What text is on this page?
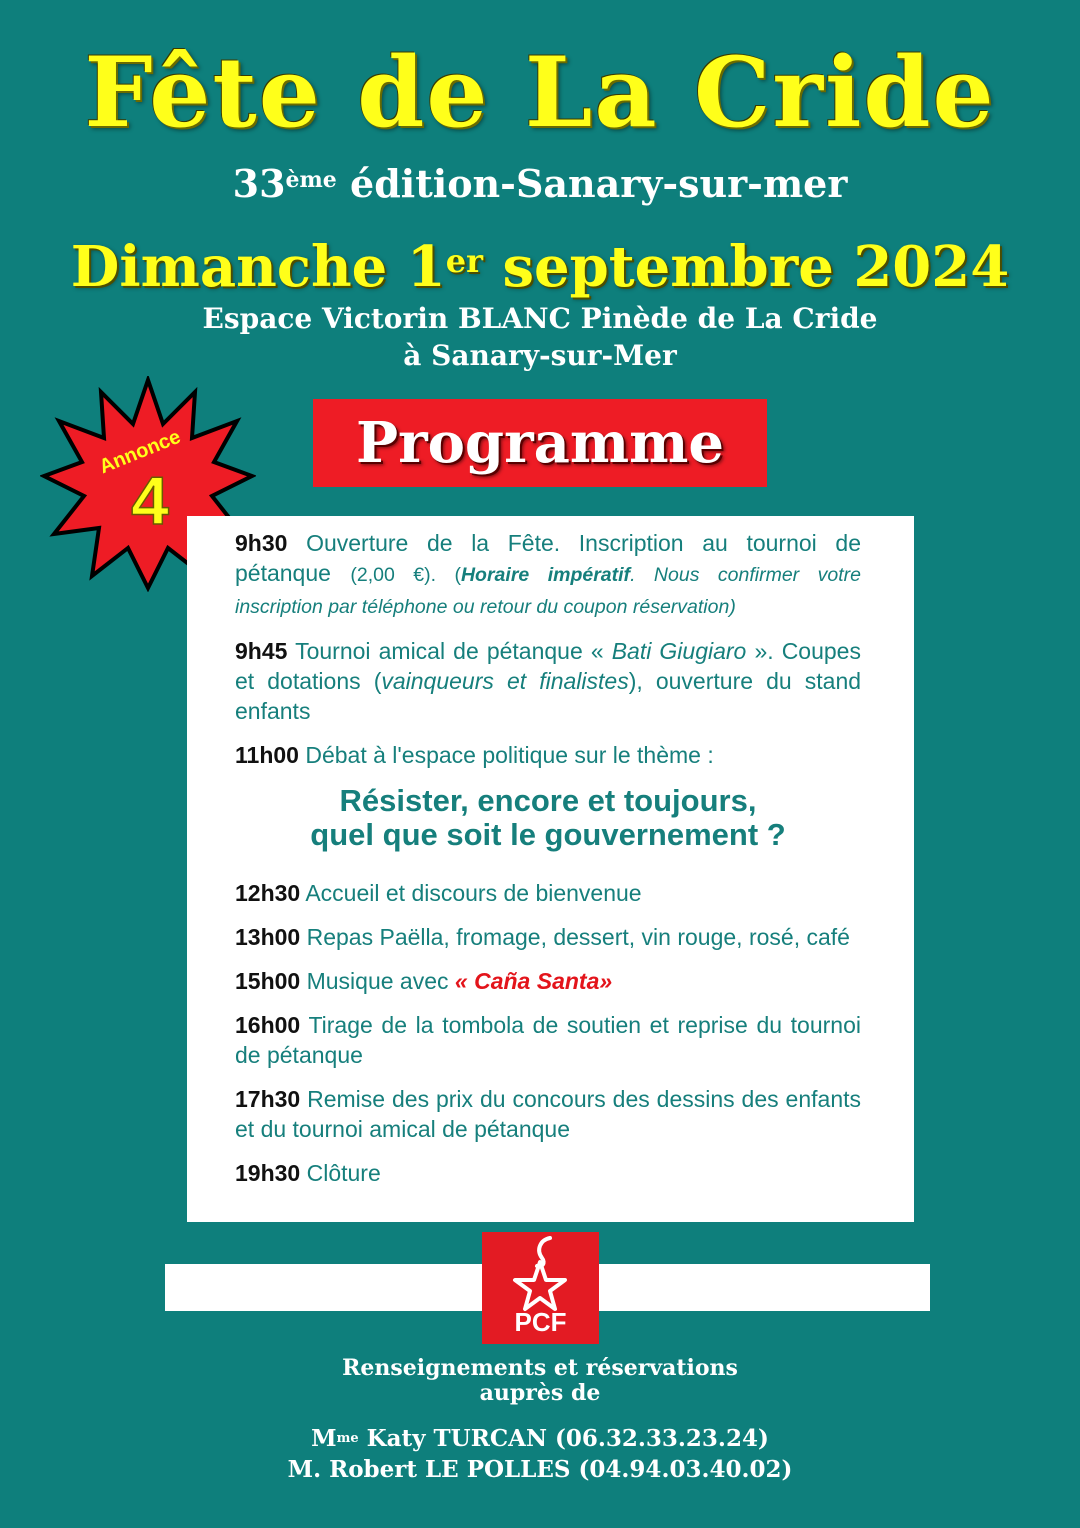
Fête de La Cride
33ème édition-Sanary-sur-mer
Dimanche 1er septembre 2024
Espace Victorin BLANC Pinède de La Cride
à Sanary-sur-Mer
Annonce
4
Programme
9h30 Ouverture de la Fête. Inscription au tournoi de pétanque (2,00 €). (Horaire impératif. Nous confirmer votre inscription par téléphone ou retour du coupon réservation)
9h45 Tournoi amical de pétanque « Bati Giugiaro ». Coupes et dotations (vainqueurs et finalistes), ouverture du stand enfants
11h00 Débat à l'espace politique sur le thème :
Résister, encore et toujours,
quel que soit le gouvernement ?
12h30 Accueil et discours de bienvenue
13h00 Repas Paëlla, fromage, dessert, vin rouge, rosé, café
15h00 Musique avec « Caña Santa»
16h00 Tirage de la tombola de soutien et reprise du tournoi de pétanque
17h30 Remise des prix du concours des dessins des enfants et du tournoi amical de pétanque
19h30 Clôture
PCF
Renseignements et réservations
auprès de
$M^{me}$ Katy TURCAN (06.32.33.23.24)
M. Robert LE POLLES (04.94.03.40.02)
